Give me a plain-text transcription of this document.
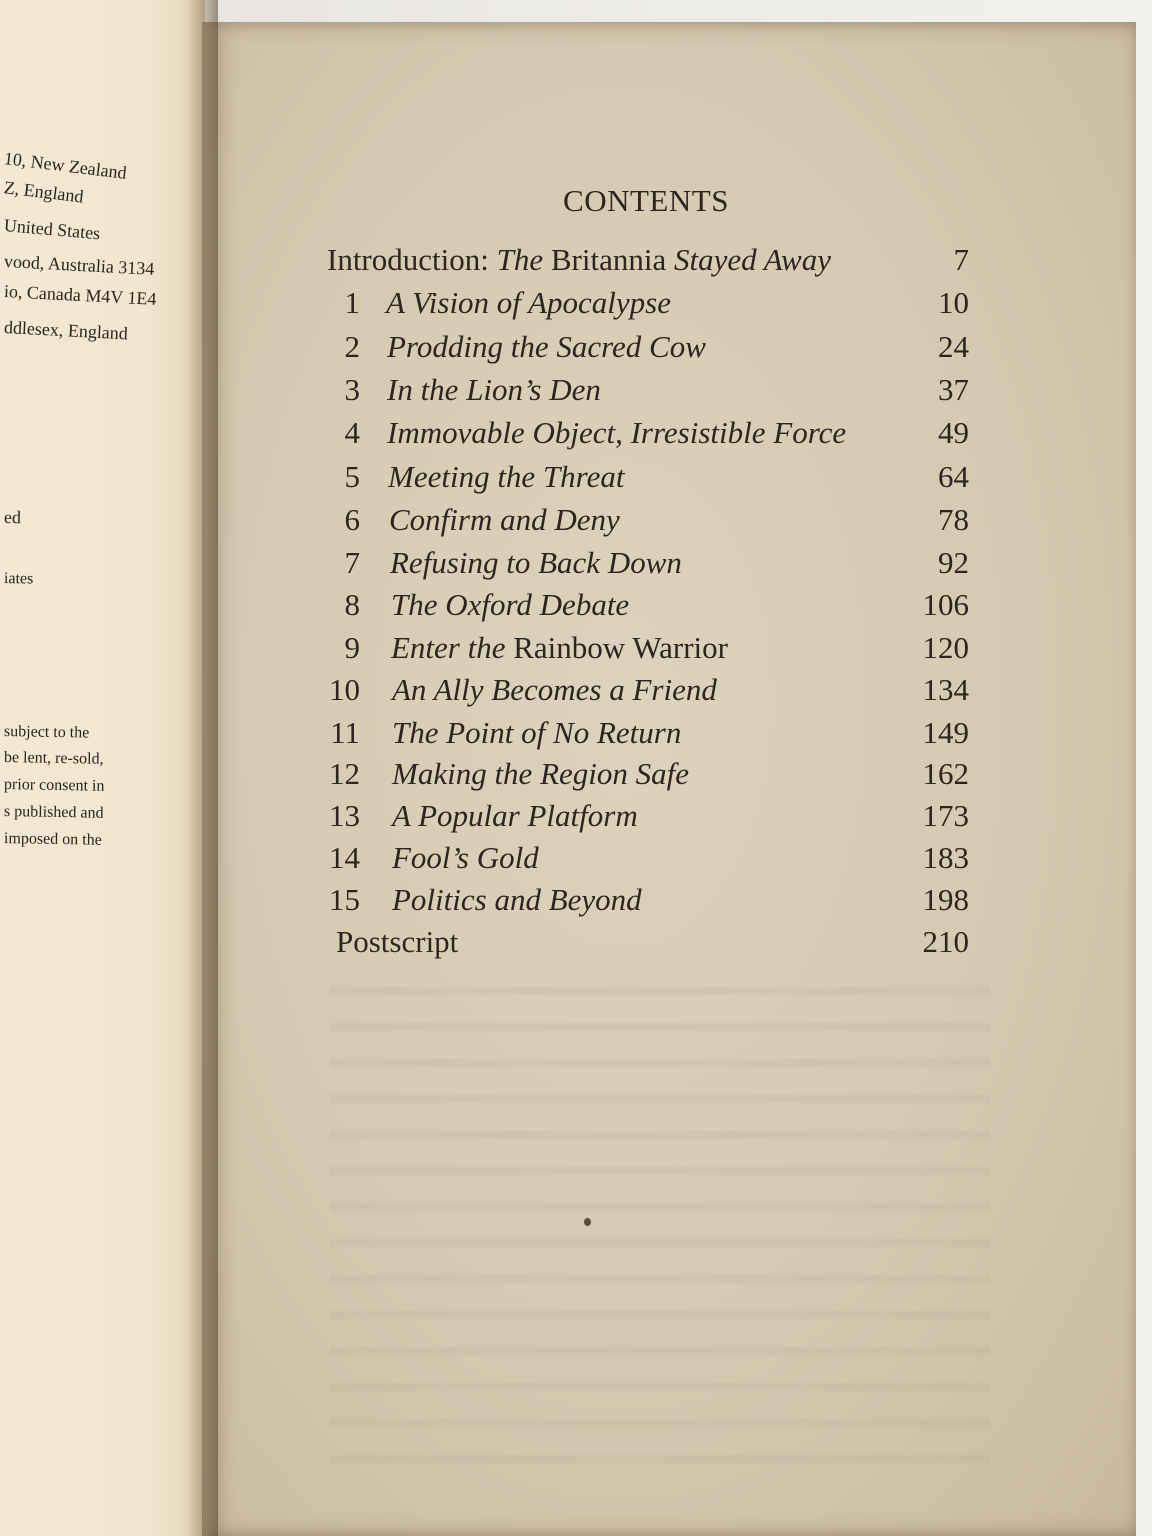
10, New Zealand
Z, England
United States
vood, Australia 3134
io, Canada M4V 1E4
ddlesex, England
ed
iates
subject to the
be lent, re-sold,
prior consent in
s published and
imposed on the
CONTENTS
Introduction: The Britannia Stayed Away	7
1 A Vision of Apocalypse	10
2 Prodding the Sacred Cow	24
3 In the Lion’s Den	37
4 Immovable Object, Irresistible Force	49
5 Meeting the Threat	64
6 Confirm and Deny	78
7 Refusing to Back Down	92
8 The Oxford Debate	106
9 Enter the Rainbow Warrior	120
10 An Ally Becomes a Friend	134
11 The Point of No Return	149
12 Making the Region Safe	162
13 A Popular Platform	173
14 Fool’s Gold	183
15 Politics and Beyond	198
Postscript	210
